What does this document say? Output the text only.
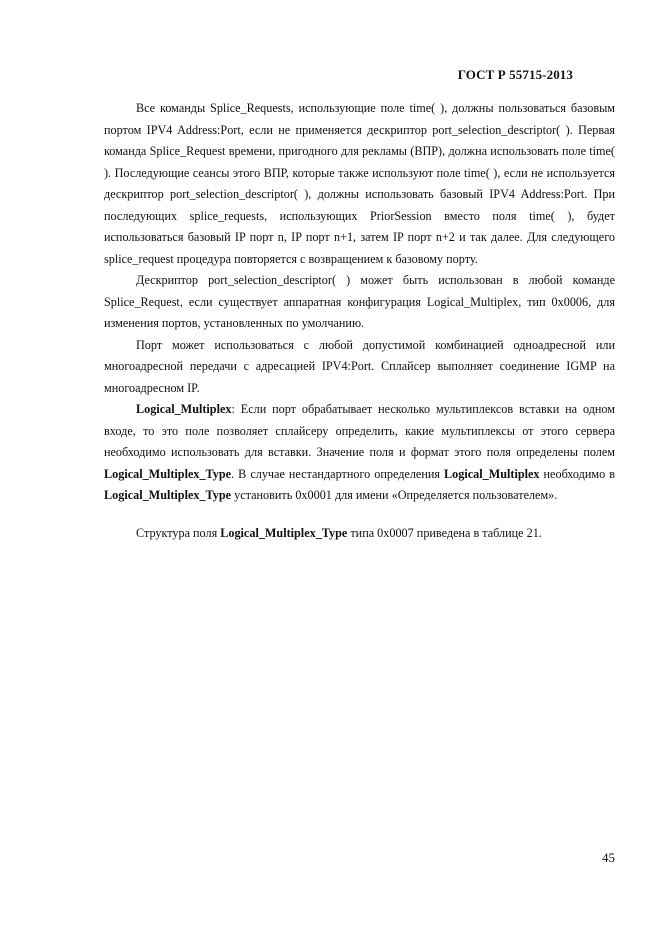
ГОСТ Р 55715-2013

Все команды Splice_Requests, использующие поле time( ), должны пользоваться базовым портом IPV4 Address:Port, если не применяется дескриптор port_selection_descriptor( ). Первая команда Splice_Request времени, пригодного для рекламы (ВПР), должна использовать поле time( ). Последующие сеансы этого ВПР, которые также используют поле time( ), если не используется дескриптор port_selection_descriptor( ), должны использовать базовый IPV4 Address:Port. При последующих splice_requests, использующих PriorSession вместо поля time( ), будет использоваться базовый IP порт n, IP порт n+1, затем IP порт n+2 и так далее. Для следующего splice_request процедура повторяется с возвращением к базовому порту.

Дескриптор port_selection_descriptor( ) может быть использован в любой команде Splice_Request, если существует аппаратная конфигурация Logical_Multiplex, тип 0x0006, для изменения портов, установленных по умолчанию.

Порт может использоваться с любой допустимой комбинацией одноадресной или многоадресной передачи с адресацией IPV4:Port. Сплайсер выполняет соединение IGMP на многоадресном IP.

Logical_Multiplex: Если порт обрабатывает несколько мультиплексов вставки на одном входе, то это поле позволяет сплайсеру определить, какие мультиплексы от этого сервера необходимо использовать для вставки. Значение поля и формат этого поля определены полем Logical_Multiplex_Type. В случае нестандартного определения Logical_Multiplex необходимо в Logical_Multiplex_Type установить 0x0001 для имени «Определяется пользователем».

Структура поля Logical_Multiplex_Type типа 0x0007 приведена в таблице 21.

45
